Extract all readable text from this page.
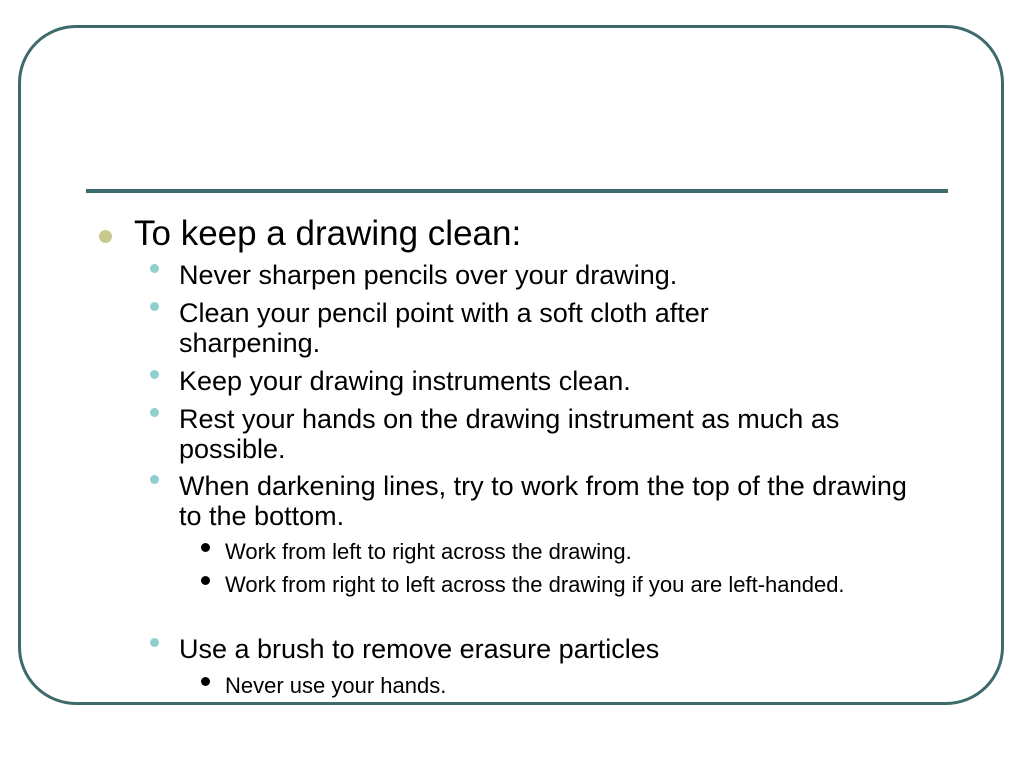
To keep a drawing clean:
Never sharpen pencils over your drawing.
Clean your pencil point with a soft cloth after sharpening.
Keep your drawing instruments clean.
Rest your hands on the drawing instrument as much as possible.
When darkening lines, try to work from the top of the drawing to the bottom.
Work from left to right across the drawing.
Work from right to left across the drawing if you are left-handed.
Use a brush to remove erasure particles
Never use your hands.
